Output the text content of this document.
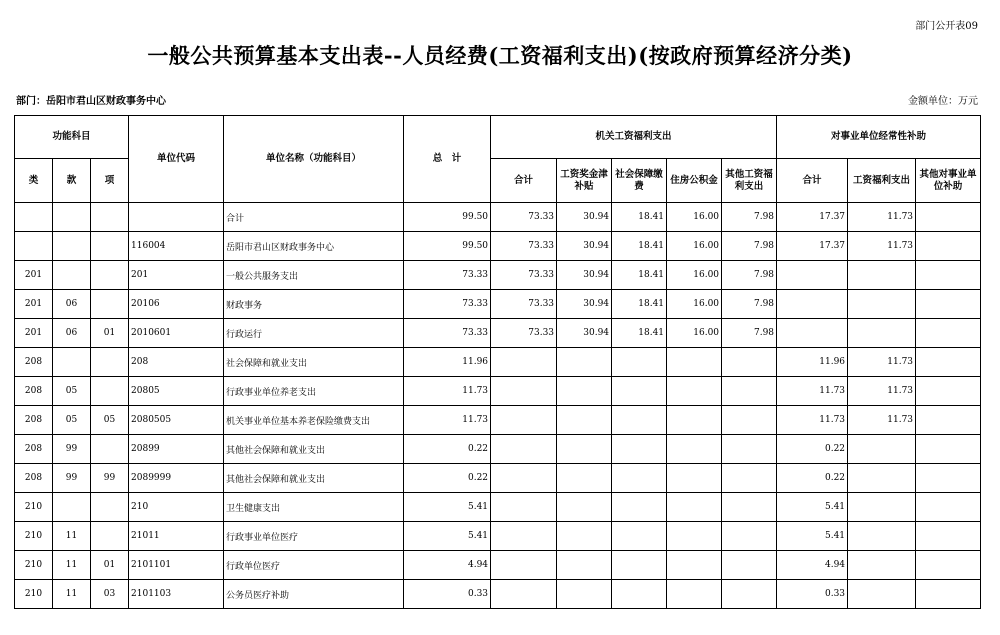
部门公开表09
一般公共预算基本支出表--人员经费(工资福利支出)(按政府预算经济分类)
部门：岳阳市君山区财政事务中心	金额单位：万元
功能科目			单位代码	单位名称（功能科目）	总　计	机关工资福利支出					对事业单位经常性补助		
类	款	项				合计	工资奖金津补贴	社会保障缴费	住房公积金	其他工资福利支出	合计	工资福利支出	其他对事业单位补助
				合计	99.50	73.33	30.94	18.41	16.00	7.98	17.37	11.73	
			116004	岳阳市君山区财政事务中心	99.50	73.33	30.94	18.41	16.00	7.98	17.37	11.73	
201			201	一般公共服务支出	73.33	73.33	30.94	18.41	16.00	7.98			
201	06		20106	财政事务	73.33	73.33	30.94	18.41	16.00	7.98			
201	06	01	2010601	行政运行	73.33	73.33	30.94	18.41	16.00	7.98			
208			208	社会保障和就业支出	11.96						11.96	11.73	
208	05		20805	行政事业单位养老支出	11.73						11.73	11.73	
208	05	05	2080505	机关事业单位基本养老保险缴费支出	11.73						11.73	11.73	
208	99		20899	其他社会保障和就业支出	0.22						0.22		
208	99	99	2089999	其他社会保障和就业支出	0.22						0.22		
210			210	卫生健康支出	5.41						5.41		
210	11		21011	行政事业单位医疗	5.41						5.41		
210	11	01	2101101	行政单位医疗	4.94						4.94		
210	11	03	2101103	公务员医疗补助	0.33						0.33		
